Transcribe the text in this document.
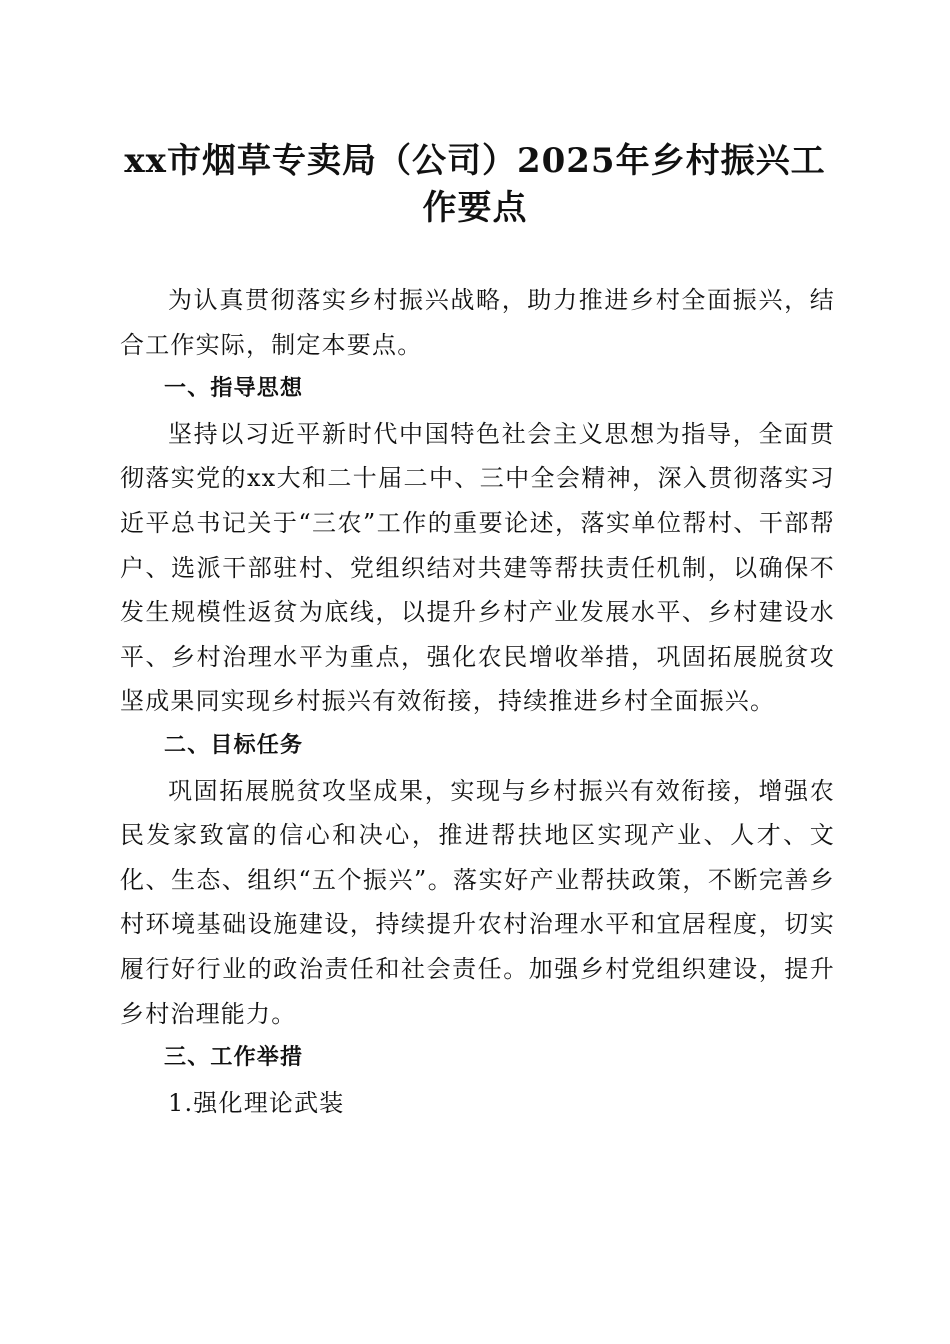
xx市烟草专卖局（公司）2025年乡村振兴工
作要点

为认真贯彻落实乡村振兴战略，助力推进乡村全面振兴，结合工作实际，制定本要点。

一、指导思想

坚持以习近平新时代中国特色社会主义思想为指导，全面贯彻落实党的xx大和二十届二中、三中全会精神，深入贯彻落实习近平总书记关于“三农”工作的重要论述，落实单位帮村、干部帮户、选派干部驻村、党组织结对共建等帮扶责任机制，以确保不发生规模性返贫为底线，以提升乡村产业发展水平、乡村建设水平、乡村治理水平为重点，强化农民增收举措，巩固拓展脱贫攻坚成果同实现乡村振兴有效衔接，持续推进乡村全面振兴。

二、目标任务

巩固拓展脱贫攻坚成果，实现与乡村振兴有效衔接，增强农民发家致富的信心和决心，推进帮扶地区实现产业、人才、文化、生态、组织“五个振兴”。落实好产业帮扶政策，不断完善乡村环境基础设施建设，持续提升农村治理水平和宜居程度，切实履行好行业的政治责任和社会责任。加强乡村党组织建设，提升乡村治理能力。

三、工作举措

1.强化理论武装
